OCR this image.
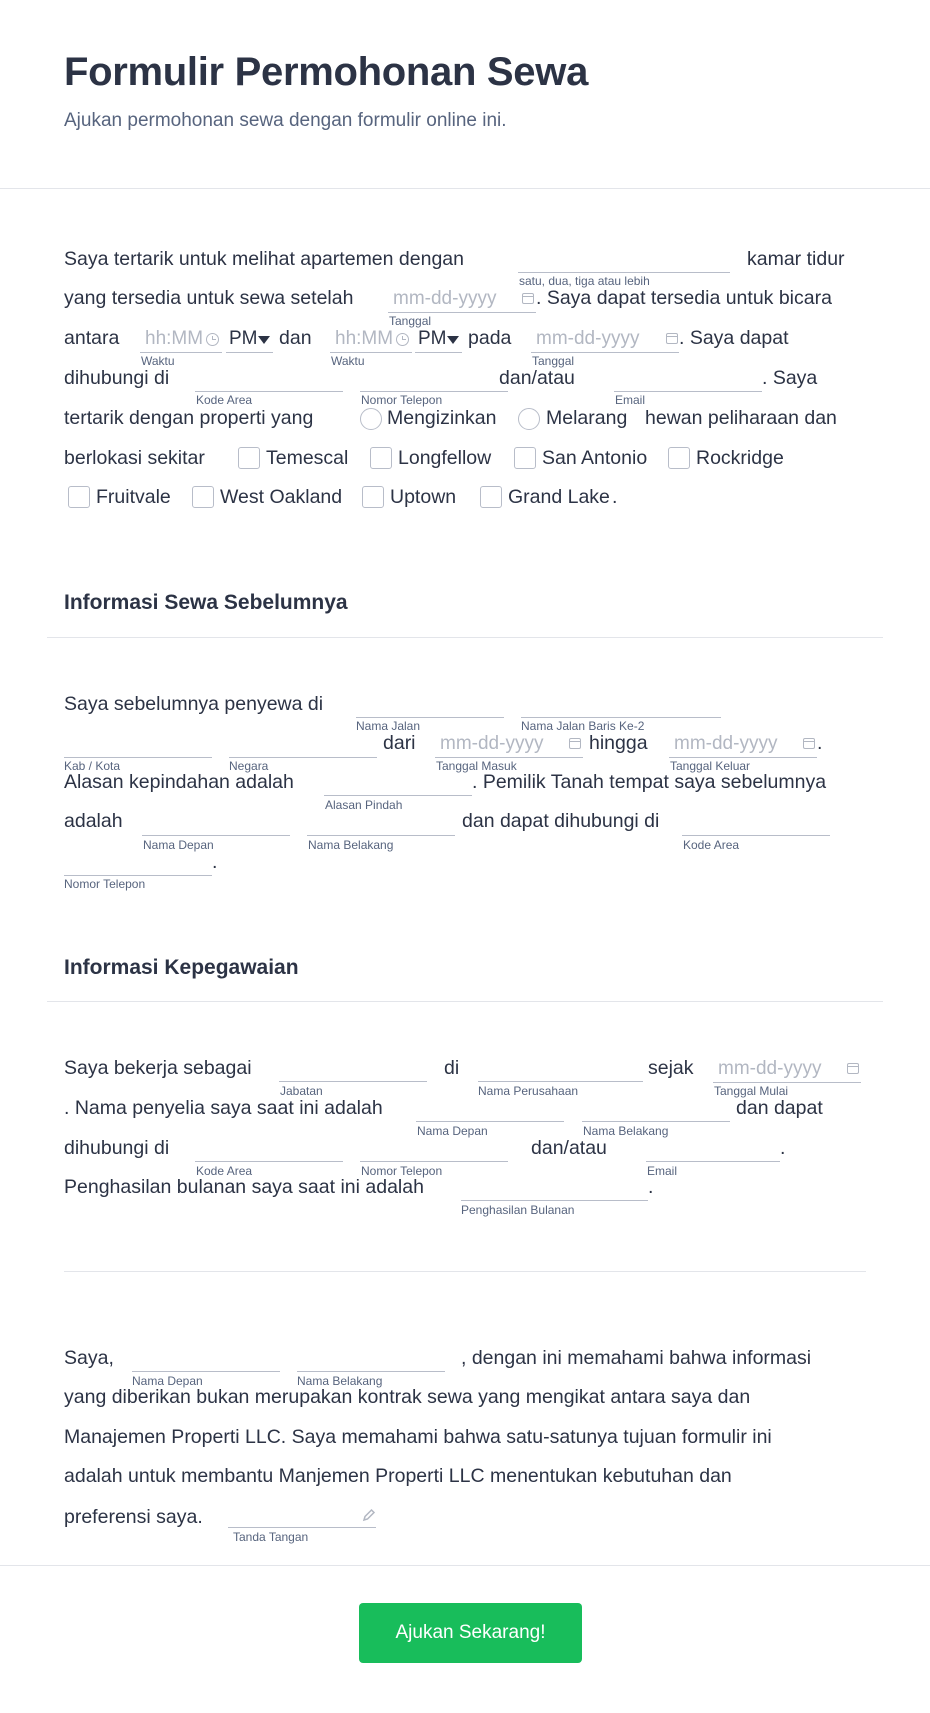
Formulir Permohonan Sewa
Ajukan permohonan sewa dengan formulir online ini.
Saya tertarik untuk melihat apartemen dengan
satu, dua, tiga atau lebih
kamar tidur
yang tersedia untuk sewa setelah mm-dd-yyyy
Tanggal
. Saya dapat tersedia untuk bicara
antara hh:MM
Waktu
PM dan hh:MM
Waktu
PM pada mm-dd-yyyy
Tanggal
. Saya dapat
dihubungi di
Kode Area	Nomor Telepon
dan/atau
Email
. Saya
tertarik dengan properti yang	Mengizinkan	Melarang hewan peliharaan dan
berlokasi sekitar	Temescal	Longfellow	San Antonio	Rockridge
Fruitvale	West Oakland Uptown	Grand Lake .
Informasi Sewa Sebelumnya
Saya sebelumnya penyewa di
Nama Jalan	Nama Jalan Baris Ke-2
Kab / Kota	Negara
dari mm-dd-yyyy
Tanggal Masuk
hingga mm-dd-yyyy
Tanggal Keluar
.
Alasan kepindahan adalah
Alasan Pindah
. Pemilik Tanah tempat saya sebelumnya
adalah
Nama Depan	Nama Belakang
dan dapat dihubungi di
Kode Area
Nomor Telepon
.
Informasi Kepegawaian
Saya bekerja sebagai
Jabatan
di
Nama Perusahaan
sejak mm-dd-yyyy
Tanggal Mulai
. Nama penyelia saya saat ini adalah
Nama Depan	Nama Belakang
dan dapat
dihubungi di
Kode Area	Nomor Telepon
dan/atau
Email
.
Penghasilan bulanan saya saat ini adalah
Penghasilan Bulanan
.
Saya,
Nama Depan	Nama Belakang
, dengan ini memahami bahwa informasi
yang diberikan bukan merupakan kontrak sewa yang mengikat antara saya dan
Manajemen Properti LLC. Saya memahami bahwa satu-satunya tujuan formulir ini
adalah untuk membantu Manjemen Properti LLC menentukan kebutuhan dan
preferensi saya.
Tanda Tangan
Ajukan Sekarang!
